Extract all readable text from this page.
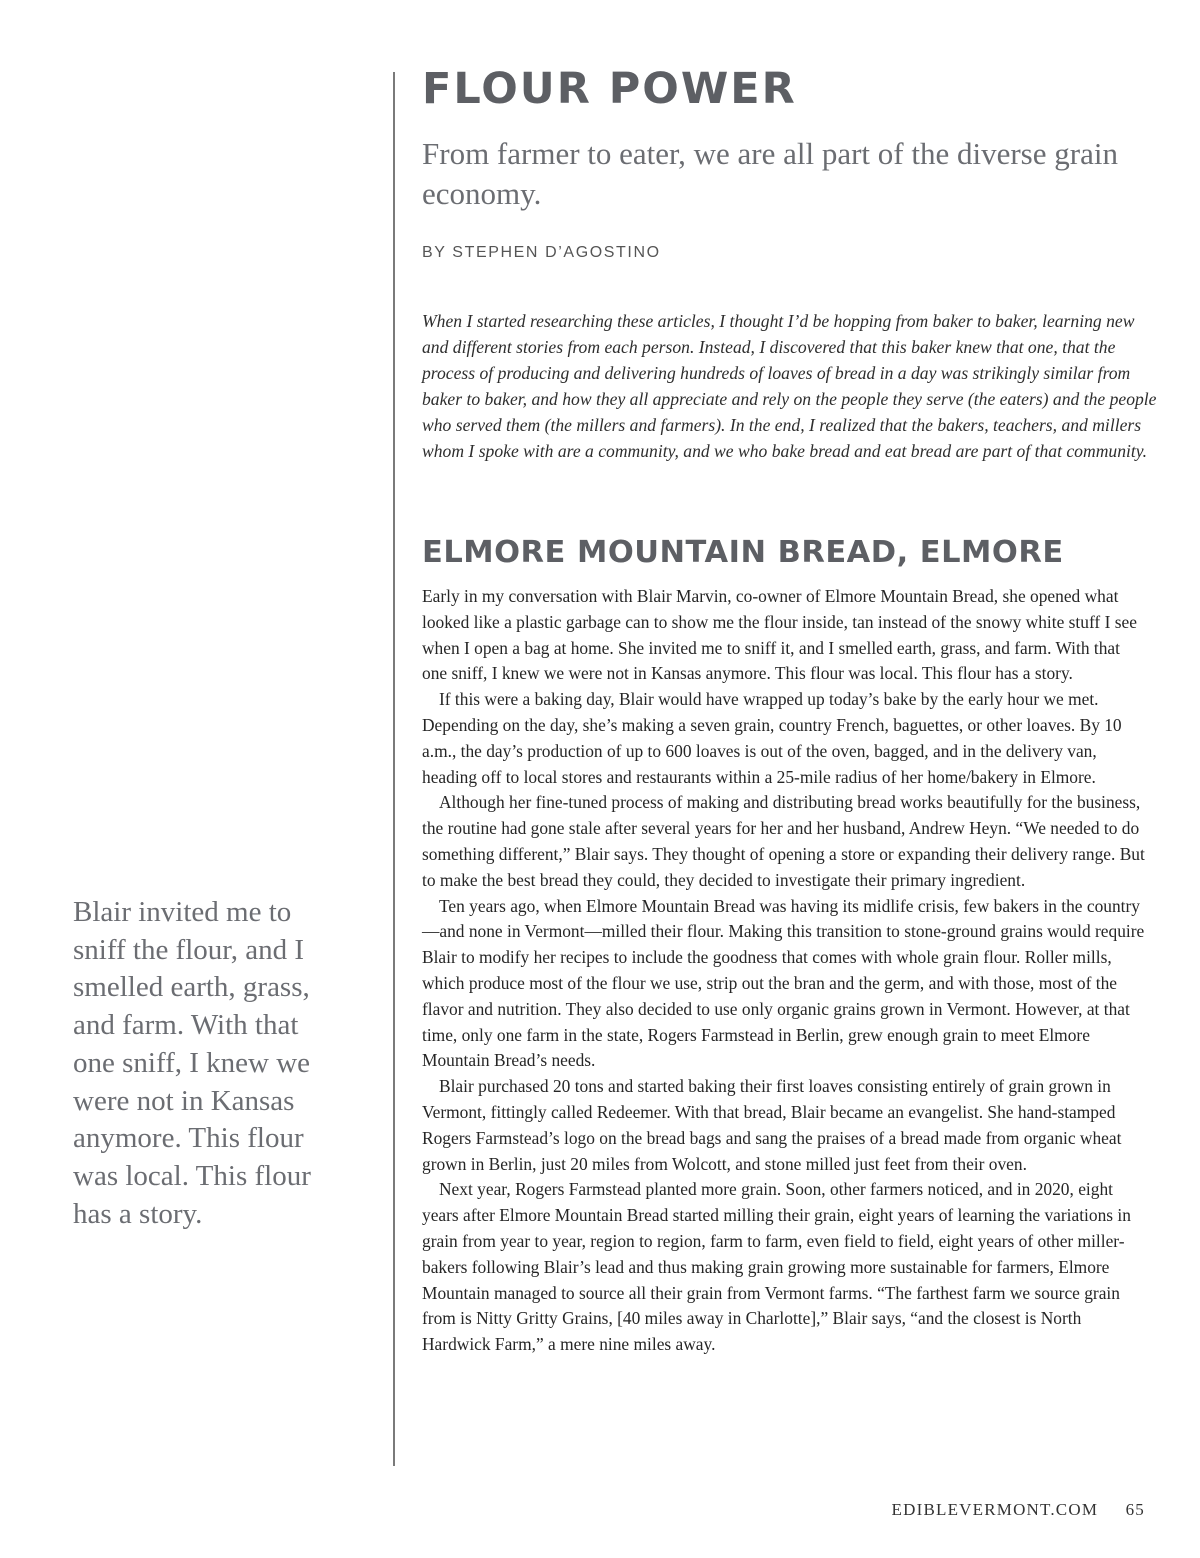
FLOUR POWER

From farmer to eater, we are all part of the diverse grain economy.

BY STEPHEN D’AGOSTINO

When I started researching these articles, I thought I’d be hopping from baker to baker, learning new and different stories from each person. Instead, I discovered that this baker knew that one, that the process of producing and delivering hundreds of loaves of bread in a day was strikingly similar from baker to baker, and how they all appreciate and rely on the people they serve (the eaters) and the people who served them (the millers and farmers). In the end, I realized that the bakers, teachers, and millers whom I spoke with are a community, and we who bake bread and eat bread are part of that community.

ELMORE MOUNTAIN BREAD, ELMORE

Early in my conversation with Blair Marvin, co-owner of Elmore Mountain Bread, she opened what looked like a plastic garbage can to show me the flour inside, tan instead of the snowy white stuff I see when I open a bag at home. She invited me to sniff it, and I smelled earth, grass, and farm. With that one sniff, I knew we were not in Kansas anymore. This flour was local. This flour has a story.

If this were a baking day, Blair would have wrapped up today’s bake by the early hour we met. Depending on the day, she’s making a seven grain, country French, baguettes, or other loaves. By 10 a.m., the day’s production of up to 600 loaves is out of the oven, bagged, and in the delivery van, heading off to local stores and restaurants within a 25-mile radius of her home/bakery in Elmore.

Although her fine-tuned process of making and distributing bread works beautifully for the business, the routine had gone stale after several years for her and her husband, Andrew Heyn. “We needed to do something different,” Blair says. They thought of opening a store or expanding their delivery range. But to make the best bread they could, they decided to investigate their primary ingredient.

Ten years ago, when Elmore Mountain Bread was having its midlife crisis, few bakers in the country—and none in Vermont—milled their flour. Making this transition to stone-ground grains would require Blair to modify her recipes to include the goodness that comes with whole grain flour. Roller mills, which produce most of the flour we use, strip out the bran and the germ, and with those, most of the flavor and nutrition. They also decided to use only organic grains grown in Vermont. However, at that time, only one farm in the state, Rogers Farmstead in Berlin, grew enough grain to meet Elmore Mountain Bread’s needs.

Blair purchased 20 tons and started baking their first loaves consisting entirely of grain grown in Vermont, fittingly called Redeemer. With that bread, Blair became an evangelist. She hand-stamped Rogers Farmstead’s logo on the bread bags and sang the praises of a bread made from organic wheat grown in Berlin, just 20 miles from Wolcott, and stone milled just feet from their oven.

Next year, Rogers Farmstead planted more grain. Soon, other farmers noticed, and in 2020, eight years after Elmore Mountain Bread started milling their grain, eight years of learning the variations in grain from year to year, region to region, farm to farm, even field to field, eight years of other miller-bakers following Blair’s lead and thus making grain growing more sustainable for farmers, Elmore Mountain managed to source all their grain from Vermont farms. “The farthest farm we source grain from is Nitty Gritty Grains, [40 miles away in Charlotte],” Blair says, “and the closest is North Hardwick Farm,” a mere nine miles away.

Blair invited me to sniff the flour, and I smelled earth, grass, and farm. With that one sniff, I knew we were not in Kansas anymore. This flour was local. This flour has a story.

EDIBLEVERMONT.COM 65
